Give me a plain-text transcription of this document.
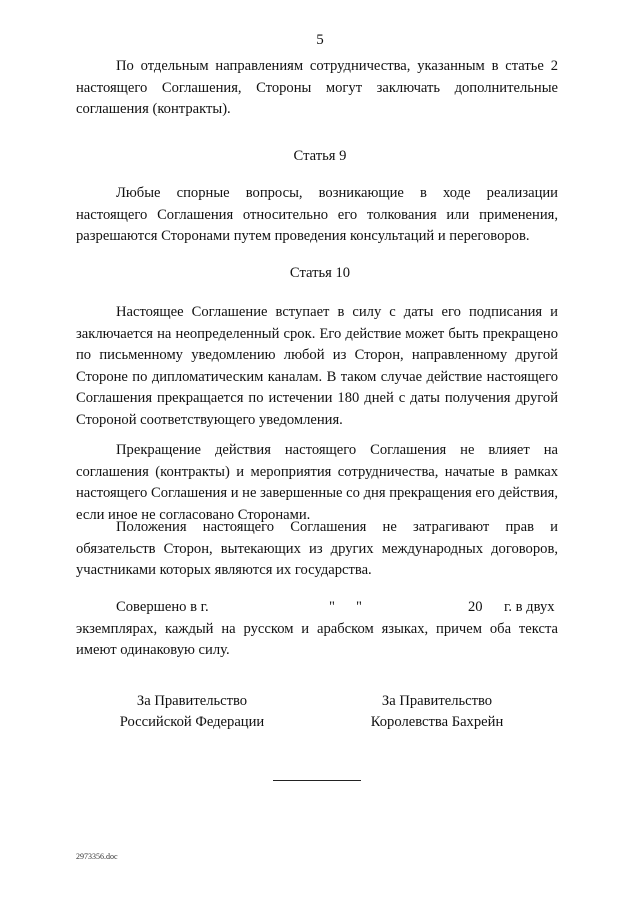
5

По отдельным направлениям сотрудничества, указанным в статье 2 настоящего Соглашения, Стороны могут заключать дополнительные соглашения (контракты).

Статья 9

Любые спорные вопросы, возникающие в ходе реализации настоящего Соглашения относительно его толкования или применения, разрешаются Сторонами путем проведения консультаций и переговоров.

Статья 10

Настоящее Соглашение вступает в силу с даты его подписания и заключается на неопределенный срок. Его действие может быть прекращено по письменному уведомлению любой из Сторон, направленному другой Стороне по дипломатическим каналам. В таком случае действие настоящего Соглашения прекращается по истечении 180 дней с даты получения другой Стороной соответствующего уведомления.

Прекращение действия настоящего Соглашения не влияет на соглашения (контракты) и мероприятия сотрудничества, начатые в рамках настоящего Соглашения и не завершенные со дня прекращения его действия, если иное не согласовано Сторонами.

Положения настоящего Соглашения не затрагивают прав и обязательств Сторон, вытекающих из других международных договоров, участниками которых являются их государства.

Совершено в г.	" "	20 г. в двух
экземплярах, каждый на русском и арабском языках, причем оба текста имеют одинаковую силу.
За Правительство
Российской Федерации
За Правительство
Королевства Бахрейн
2973356.doc
